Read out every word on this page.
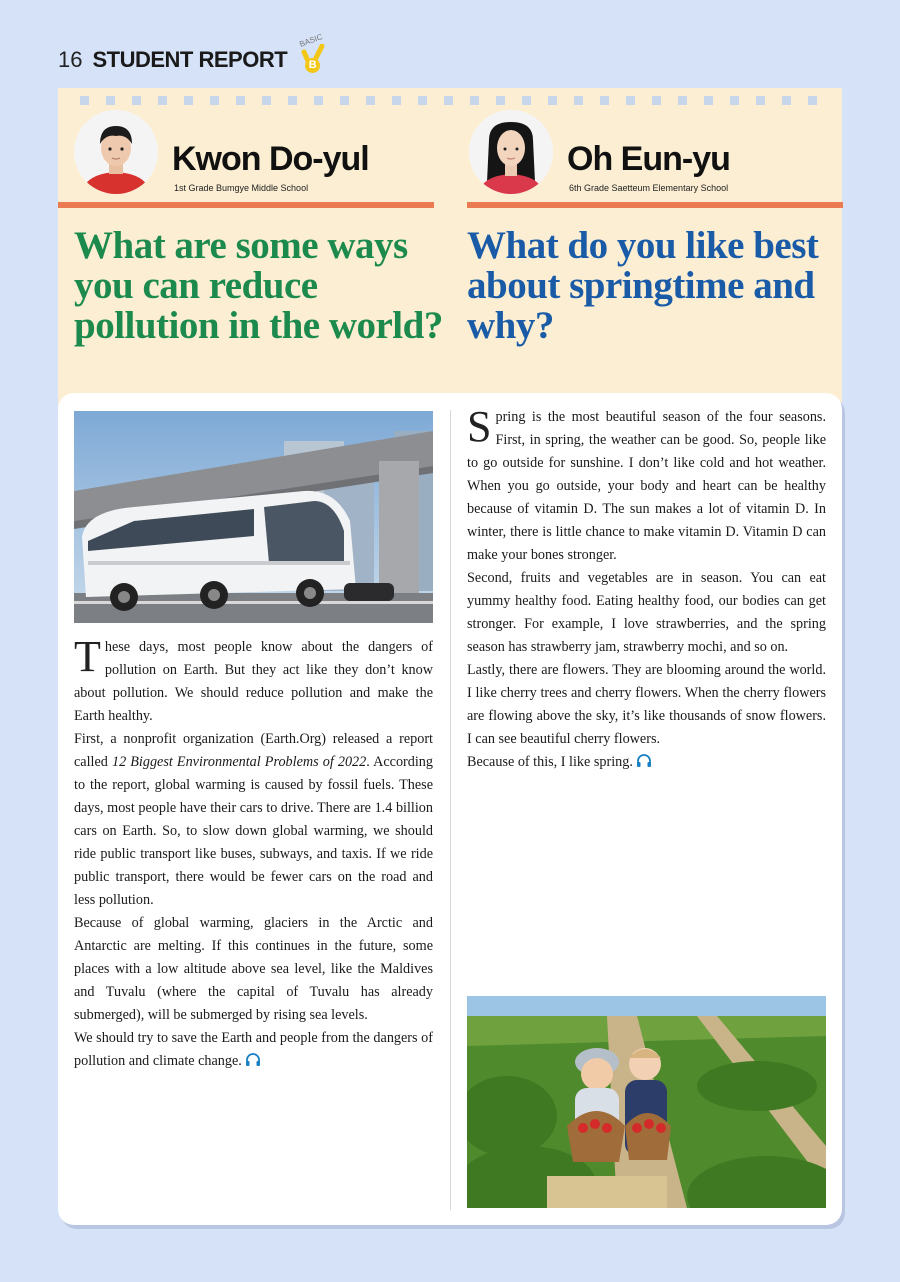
16 STUDENT REPORT
BASIC
B
Kwon Do-yul
1st Grade Bumgye Middle School
Oh Eun-yu
6th Grade Saetteum Elementary School
What are some ways you can reduce pollution in the world?
What do you like best about springtime and why?

These days, most people know about the dangers of pollution on Earth. But they act like they don’t know about pollution. We should reduce pollution and make the Earth healthy.

First, a nonprofit organization (Earth.Org) released a report called 12 Biggest Environmental Problems of 2022. According to the report, global warming is caused by fossil fuels. These days, most people have their cars to drive. There are 1.4 billion cars on Earth. So, to slow down global warming, we should ride public transport like buses, subways, and taxis. If we ride public transport, there would be fewer cars on the road and less pollution.

Because of global warming, glaciers in the Arctic and Antarctic are melting. If this continues in the future, some places with a low altitude above sea level, like the Maldives and Tuvalu (where the capital of Tuvalu has already submerged), will be submerged by rising sea levels.

We should try to save the Earth and people from the dangers of pollution and climate change.

Spring is the most beautiful season of the four seasons. First, in spring, the weather can be good. So, people like to go outside for sunshine. I don’t like cold and hot weather. When you go outside, your body and heart can be healthy because of vitamin D. The sun makes a lot of vitamin D. In winter, there is little chance to make vitamin D. Vitamin D can make your bones stronger.

Second, fruits and vegetables are in season. You can eat yummy healthy food. Eating healthy food, our bodies can get stronger. For example, I love strawberries, and the spring season has strawberry jam, strawberry mochi, and so on.

Lastly, there are flowers. They are blooming around the world. I like cherry trees and cherry flowers. When the cherry flowers are flowing above the sky, it’s like thousands of snow flowers. I can see beautiful cherry flowers.

Because of this, I like spring.
